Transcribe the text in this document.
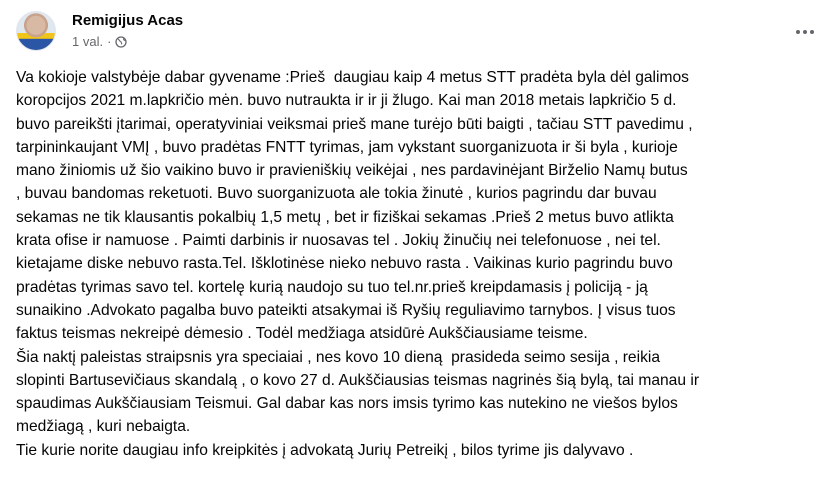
Remigijus Acas
1 val. ·
Va kokioje valstybėje dabar gyvename :Prieš  daugiau kaip 4 metus STT pradėta byla dėl galimos
koropcijos 2021 m.lapkričio mėn. buvo nutraukta ir ir ji žlugo. Kai man 2018 metais lapkričio 5 d.
buvo pareikšti įtarimai, operatyviniai veiksmai prieš mane turėjo būti baigti , tačiau STT pavedimu ,
tarpininkaujant VMĮ , buvo pradėtas FNTT tyrimas, jam vykstant suorganizuota ir ši byla , kurioje
mano žiniomis už šio vaikino buvo ir pravieniškių veikėjai , nes pardavinėjant Birželio Namų butus
, buvau bandomas reketuoti. Buvo suorganizuota ale tokia žinutė , kurios pagrindu dar buvau
sekamas ne tik klausantis pokalbių 1,5 metų , bet ir fiziškai sekamas .Prieš 2 metus buvo atlikta
krata ofise ir namuose . Paimti darbinis ir nuosavas tel . Jokių žinučių nei telefonuose , nei tel.
kietajame diske nebuvo rasta.Tel. Išklotinėse nieko nebuvo rasta . Vaikinas kurio pagrindu buvo
pradėtas tyrimas savo tel. kortelę kurią naudojo su tuo tel.nr.prieš kreipdamasis į policiją - ją
sunaikino .Advokato pagalba buvo pateikti atsakymai iš Ryšių reguliavimo tarnybos. Į visus tuos
faktus teismas nekreipė dėmesio . Todėl medžiaga atsidūrė Aukščiausiame teisme.
Šia naktį paleistas straipsnis yra speciaiai , nes kovo 10 dieną  prasideda seimo sesija , reikia
slopinti Bartusevičiaus skandalą , o kovo 27 d. Aukščiausias teismas nagrinės šią bylą, tai manau ir
spaudimas Aukščiausiam Teismui. Gal dabar kas nors imsis tyrimo kas nutekino ne viešos bylos
medžiagą , kuri nebaigta.
Tie kurie norite daugiau info kreipkitės į advokatą Jurių Petreikį , bilos tyrime jis dalyvavo .
